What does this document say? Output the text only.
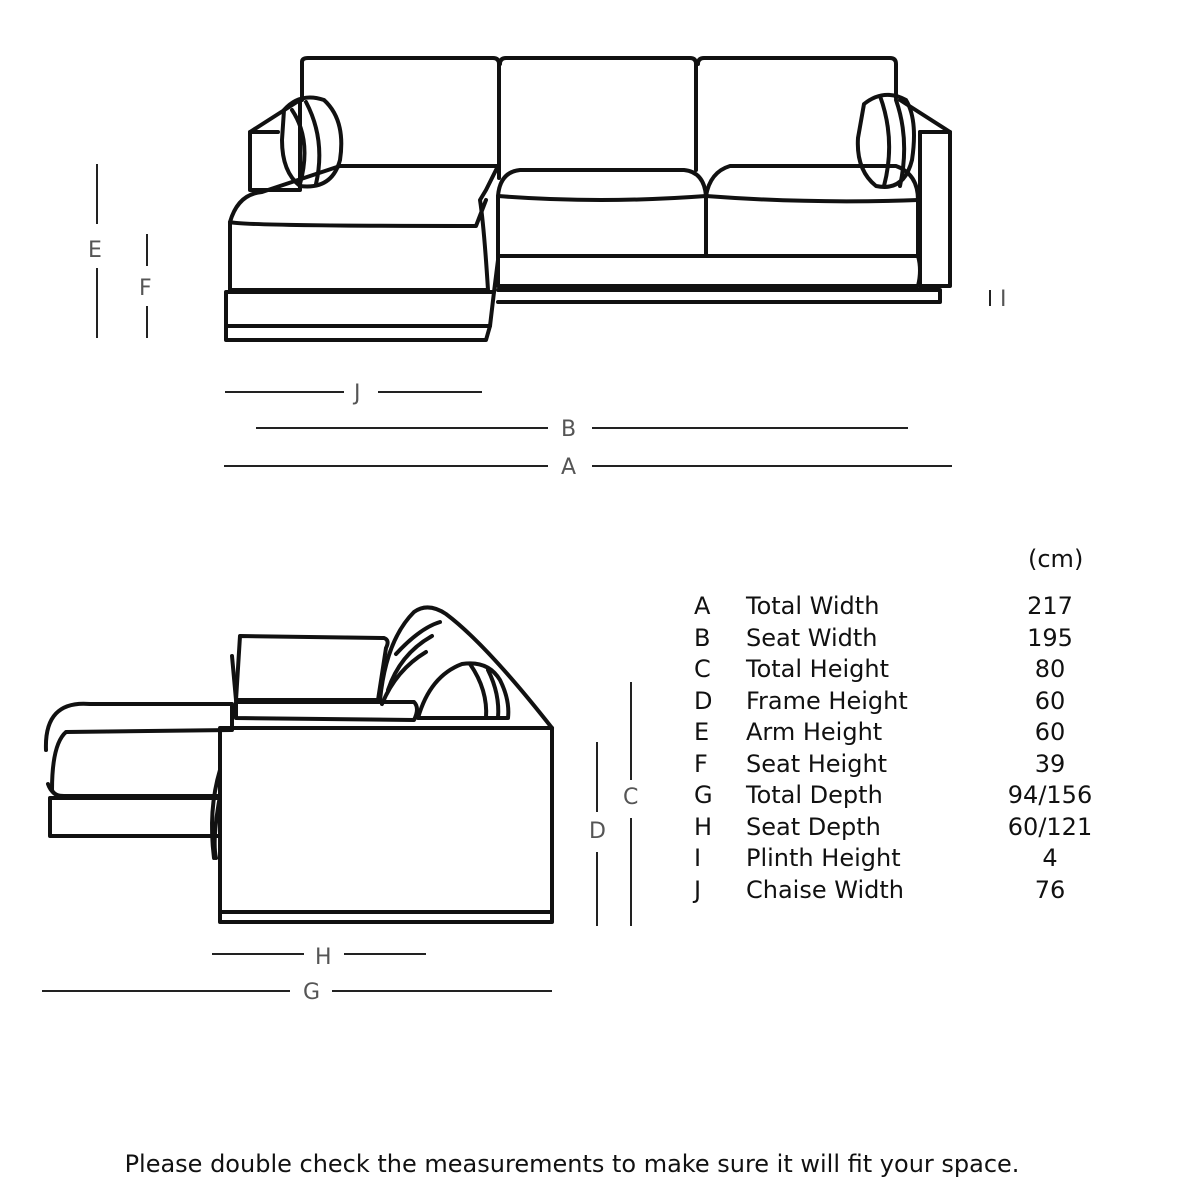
E
F	I
J
B
A
C
D
H
G
(cm)
A	Total Width	217
B	Seat Width	195
C	Total Height	80
D	Frame Height	60
E	Arm Height	60
F	Seat Height	39
G	Total Depth	94/156
H	Seat Depth	60/121
I	Plinth Height	4
J	Chaise Width	76
Please double check the measurements to make sure it will fit your space.
